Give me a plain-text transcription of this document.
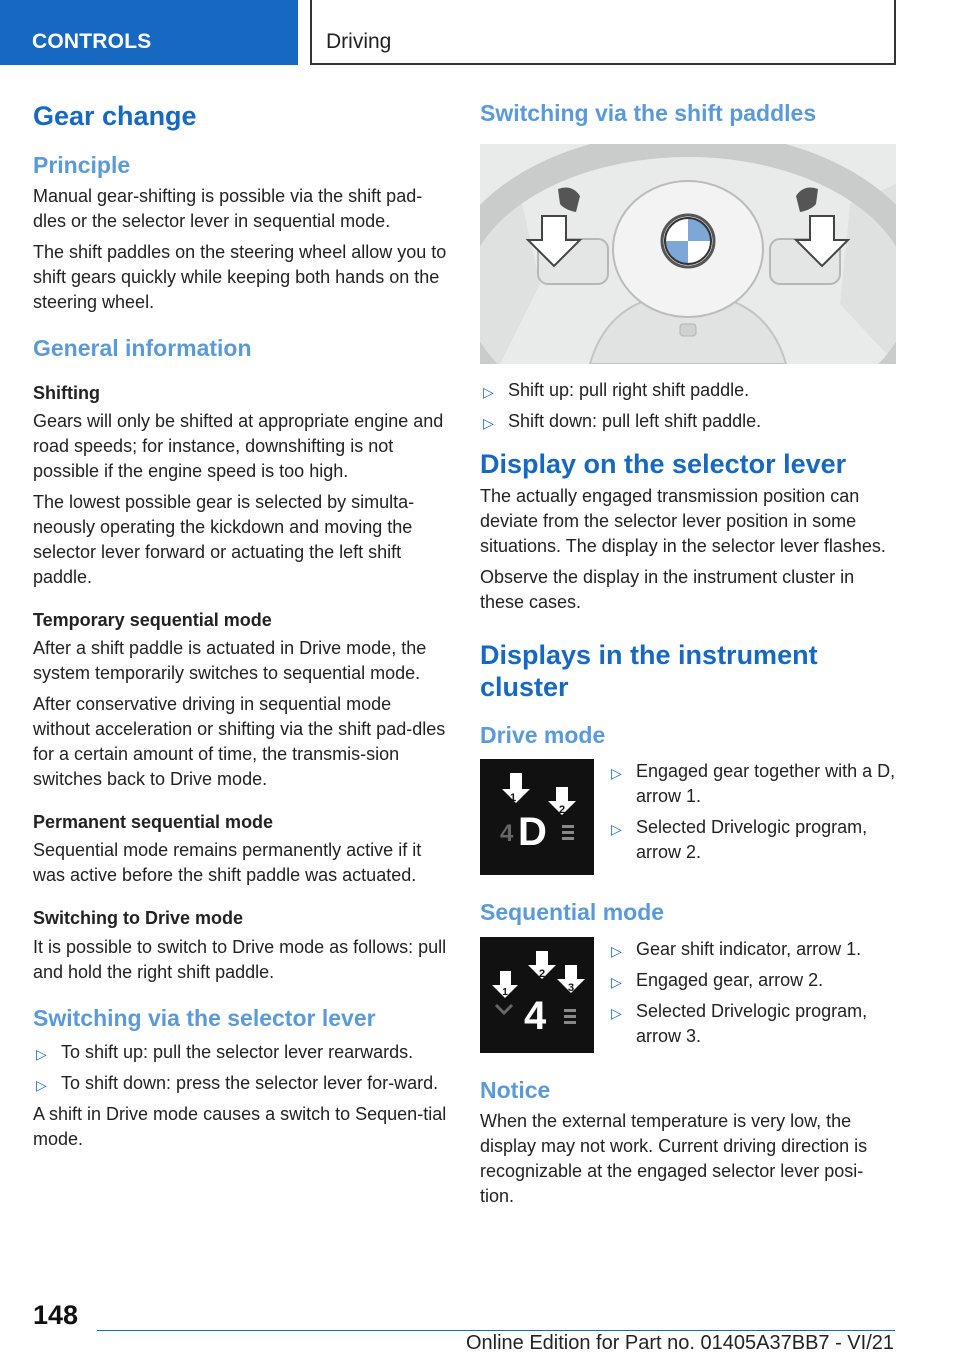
CONTROLS	Driving
Gear change
Principle

Manual gear-shifting is possible via the shift pad-dles or the selector lever in sequential mode.

The shift paddles on the steering wheel allow you to shift gears quickly while keeping both hands on the steering wheel.

General information
Shifting

Gears will only be shifted at appropriate engine and road speeds; for instance, downshifting is not possible if the engine speed is too high.

The lowest possible gear is selected by simulta-neously operating the kickdown and moving the selector lever forward or actuating the left shift paddle.

Temporary sequential mode

After a shift paddle is actuated in Drive mode, the system temporarily switches to sequential mode.

After conservative driving in sequential mode without acceleration or shifting via the shift pad-dles for a certain amount of time, the transmis-sion switches back to Drive mode.

Permanent sequential mode

Sequential mode remains permanently active if it was active before the shift paddle was actuated.

Switching to Drive mode

It is possible to switch to Drive mode as follows: pull and hold the right shift paddle.

Switching via the selector lever
▷ To shift up: pull the selector lever rearwards.
▷ To shift down: press the selector lever for-ward.

A shift in Drive mode causes a switch to Sequen-tial mode.

Switching via the shift paddles
▷ Shift up: pull right shift paddle.
▷ Shift down: pull left shift paddle.
Display on the selector lever

The actually engaged transmission position can deviate from the selector lever position in some situations. The display in the selector lever flashes.

Observe the display in the instrument cluster in these cases.

Displays in the instrument cluster
Drive mode
1
2
4 D
▷ Engaged gear together with a D, arrow 1.
▷ Selected Drivelogic program, arrow 2.
Sequential mode
1
2
3
4
▷ Gear shift indicator, arrow 1.
▷ Engaged gear, arrow 2.
▷ Selected Drivelogic program, arrow 3.
Notice

When the external temperature is very low, the display may not work. Current driving direction is recognizable at the engaged selector lever posi-tion.

148
Online Edition for Part no. 01405A37BB7 - VI/21
